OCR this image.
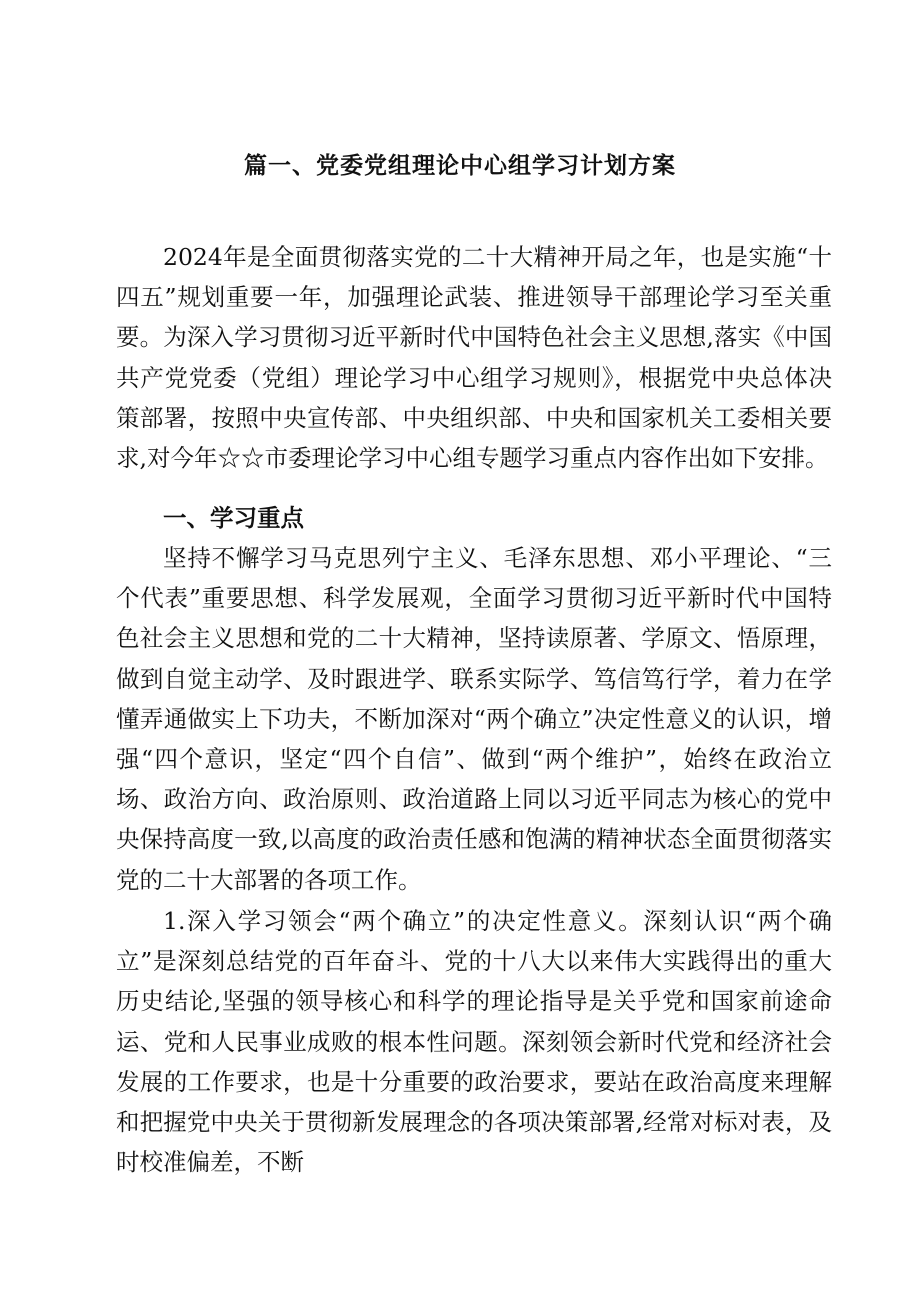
篇一、党委党组理论中心组学习计划方案
2024年是全面贯彻落实党的二十大精神开局之年，也是实施“十四五”规划重要一年，加强理论武装、推进领导干部理论学习至关重要。为深入学习贯彻习近平新时代中国特色社会主义思想,落实《中国共产党党委（党组）理论学习中心组学习规则》，根据党中央总体决策部署，按照中央宣传部、中央组织部、中央和国家机关工委相关要求,对今年☆☆市委理论学习中心组专题学习重点内容作出如下安排。
一、学习重点
坚持不懈学习马克思列宁主义、毛泽东思想、邓小平理论、“三个代表”重要思想、科学发展观，全面学习贯彻习近平新时代中国特色社会主义思想和党的二十大精神，坚持读原著、学原文、悟原理，做到自觉主动学、及时跟进学、联系实际学、笃信笃行学，着力在学懂弄通做实上下功夫，不断加深对“两个确立”决定性意义的认识，增强“四个意识，坚定“四个自信”、做到“两个维护”，始终在政治立场、政治方向、政治原则、政治道路上同以习近平同志为核心的党中央保持高度一致,以高度的政治责任感和饱满的精神状态全面贯彻落实党的二十大部署的各项工作。
1.深入学习领会“两个确立”的决定性意义。深刻认识“两个确立”是深刻总结党的百年奋斗、党的十八大以来伟大实践得出的重大历史结论,坚强的领导核心和科学的理论指导是关乎党和国家前途命运、党和人民事业成败的根本性问题。深刻领会新时代党和经济社会发展的工作要求，也是十分重要的政治要求，要站在政治高度来理解和把握党中央关于贯彻新发展理念的各项决策部署,经常对标对表，及时校准偏差，不断
